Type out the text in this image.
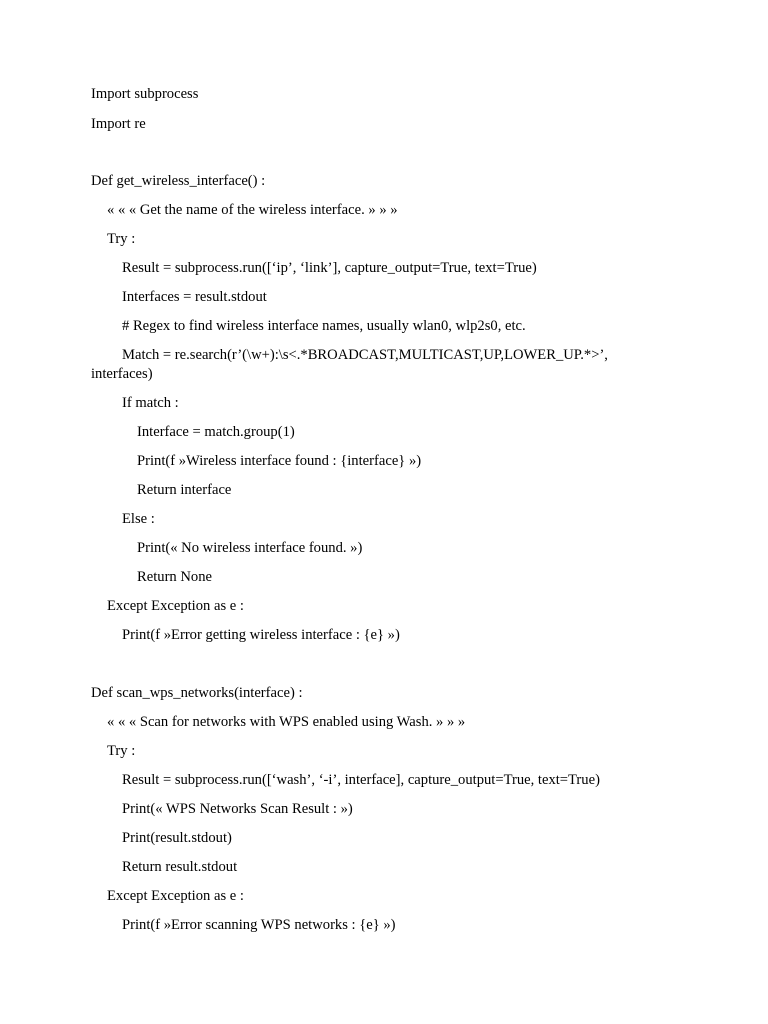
Import subprocess
Import re
Def get_wireless_interface() :
« « « Get the name of the wireless interface. » » »
Try :
Result = subprocess.run([‘ip’, ‘link’], capture_output=True, text=True)
Interfaces = result.stdout
# Regex to find wireless interface names, usually wlan0, wlp2s0, etc.
Match = re.search(r’(\w+):\s<.*BROADCAST,MULTICAST,UP,LOWER_UP.*>’, interfaces)
If match :
Interface = match.group(1)
Print(f »Wireless interface found : {interface} »)
Return interface
Else :
Print(« No wireless interface found. »)
Return None
Except Exception as e :
Print(f »Error getting wireless interface : {e} »)
Def scan_wps_networks(interface) :
« « « Scan for networks with WPS enabled using Wash. » » »
Try :
Result = subprocess.run([‘wash’, ‘-i’, interface], capture_output=True, text=True)
Print(« WPS Networks Scan Result : »)
Print(result.stdout)
Return result.stdout
Except Exception as e :
Print(f »Error scanning WPS networks : {e} »)
